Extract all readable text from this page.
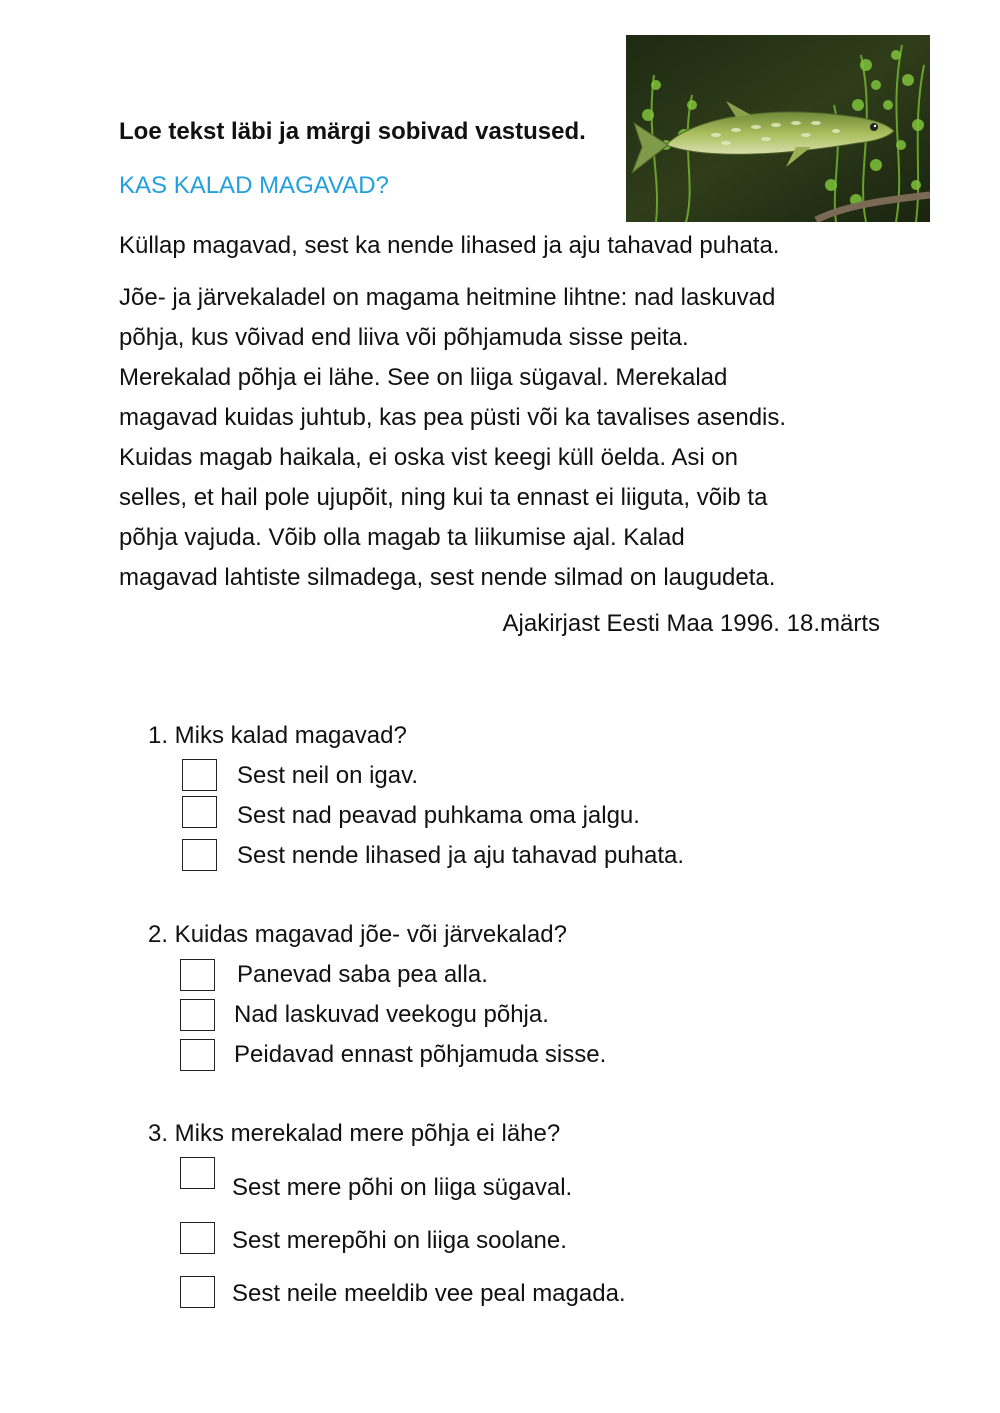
Loe tekst läbi ja märgi sobivad vastused.
KAS KALAD MAGAVAD?
Küllap magavad, sest ka nende lihased ja aju tahavad puhata.
Jõe- ja järvekaladel on magama heitmine lihtne: nad laskuvad
põhja, kus võivad end liiva või põhjamuda sisse peita.
Merekalad põhja ei lähe. See on liiga sügaval. Merekalad
magavad kuidas juhtub, kas pea püsti või ka tavalises asendis.
Kuidas magab haikala, ei oska vist keegi küll öelda. Asi on
selles, et hail pole ujupõit, ning kui ta ennast ei liiguta, võib ta
põhja vajuda. Võib olla magab ta liikumise ajal. Kalad
magavad lahtiste silmadega, sest nende silmad on laugudeta.
Ajakirjast Eesti Maa 1996. 18.märts
1. Miks kalad magavad?
Sest neil on igav.
Sest nad peavad puhkama oma jalgu.
Sest nende lihased ja aju tahavad puhata.
2. Kuidas magavad jõe- või järvekalad?
Panevad saba pea alla.
Nad laskuvad veekogu põhja.
Peidavad ennast põhjamuda sisse.
3. Miks merekalad mere põhja ei lähe?
Sest mere põhi on liiga sügaval.
Sest merepõhi on liiga soolane.
Sest neile meeldib vee peal magada.
